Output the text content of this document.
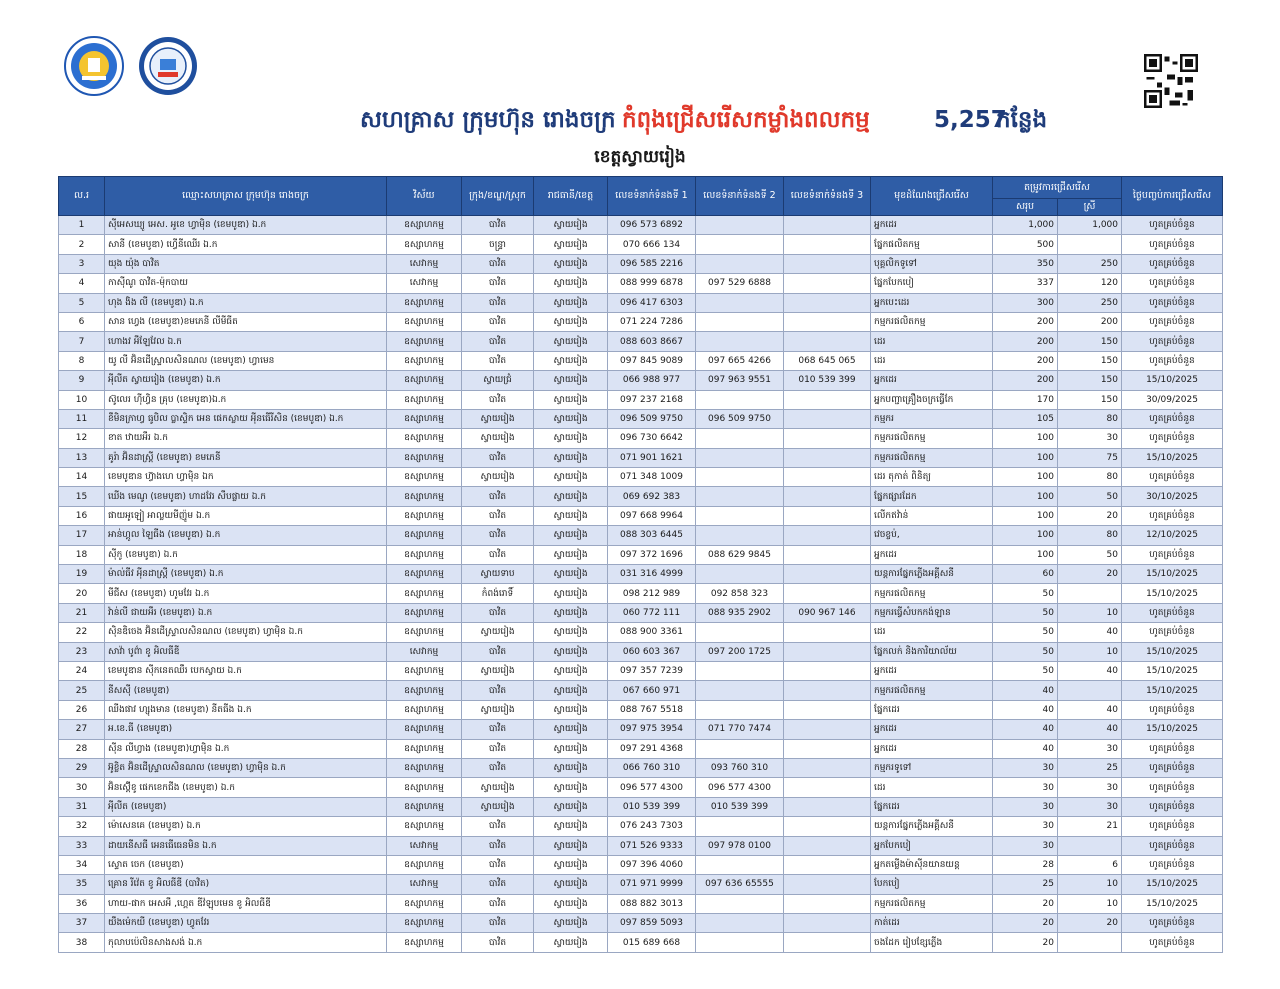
សហគ្រាស ក្រុមហ៊ុន រោងចក្រ កំពុងជ្រើសរើសកម្លាំងពលកម្ម	5,257
កន្លែង
ខេត្តស្វាយរៀង
ល.រ	ឈ្មោះសហគ្រាស ក្រុមហ៊ុន រោងចក្រ	វិស័យ	ក្រុង/ខណ្ឌ/ស្រុក	រាជធានី/ខេត្ត	លេខទំនាក់ទំនងទី 1	លេខទំនាក់ទំនងទី 2	លេខទំនាក់ទំនងទី 3	មុខដំណែងជ្រើសរើស	តម្រូវការជ្រើសរើស		ថ្ងៃបញ្ចប់ការជ្រើសរើស
									សរុប	ស្រី	
1	ស៊ីអេសឃ្យូ អេស. អូខេ ហ្វាម៉ិន (ខេមបូឌា) ឯ.ក	ឧស្សាហកម្ម	បាវិត	ស្វាយរៀង	096 573 6892			អ្នកដេរ	1,000	1,000	ហូតគ្រប់ចំនួន
2	សានី (ខេមបូឌា) ហ្វើនីឈើរ ឯ.ក	ឧស្សាហកម្ម	ចន្ទ្រា	ស្វាយរៀង	070 666 134			ផ្នែកផលិតកម្ម	500		ហូតគ្រប់ចំនួន
3	យុង យ៉ុង បាវិត	សេវាកម្ម	បាវិត	ស្វាយរៀង	096 585 2216			បុគ្គលិកទូទៅ	350	250	ហូតគ្រប់ចំនួន
4	កាស៊ីណូ បាវិត-ម៉ុកបាយ	សេវាកម្ម	បាវិត	ស្វាយរៀង	088 999 6878	097 529 6888		ផ្នែកបែកបៀ	337	120	ហូតគ្រប់ចំនួន
5	ហុង ងិង លី (ខេមបូឌា) ឯ.ក	ឧស្សាហកម្ម	បាវិត	ស្វាយរៀង	096 417 6303			អ្នកបេះដេរ	300	250	ហូតគ្រប់ចំនួន
6	សាន ហ្វេង (ខេមបូឌា)ខមភេនី លីមីធីត	ឧស្សាហកម្ម	បាវិត	ស្វាយរៀង	071 224 7286			កម្មករផលិតកម្ម	200	200	ហូតគ្រប់ចំនួន
7	ហោងវ អឹឡែវែល ឯ.ក	ឧស្សាហកម្ម	បាវិត	ស្វាយរៀង	088 603 8667			ដេរ	200	150	ហូតគ្រប់ចំនួន
8	យូ លី អ៊ិនដើស្ទ្រាលសិនណល (ខេមបូឌា) ហ្វាមេន	ឧស្សាហកម្ម	បាវិត	ស្វាយរៀង	097 845 9089	097 665 4266	068 645 065	ដេរ	200	150	ហូតគ្រប់ចំនួន
9	អុីលីត ស្វាយរៀង (ខេមបូឌា) ឯ.ក	ឧស្សាហកម្ម	ស្វាយជ្រំ	ស្វាយរៀង	066 988 977	097 963 9551	010 539 399	អ្នកដេរ	200	150	15/10/2025
10	ស៊ូលេរ ហ៊ីហ្វិន គ្រុប (ខេមបូឌា)ឯ.ក	ឧស្សាហកម្ម	បាវិត	ស្វាយរៀង	097 237 2168			អ្នកបញ្ជាគ្រឿងចក្រធ្វើកែ	170	150	30/09/2025
11	ខឹមិនក្រាហ្វ ធូបិល ប្លាស្ទិក អេន ផេកស្លាយ អុីនធើរីសិន (ខេមបូឌា) ឯ.ក	ឧស្សាហកម្ម	ស្វាយរៀង	ស្វាយរៀង	096 509 9750	096 509 9750		កម្មករ	105	80	ហូតគ្រប់ចំនួន
12	ខាត ឋាយអឹរ ឯ.ក	ឧស្សាហកម្ម	ស្វាយរៀង	ស្វាយរៀង	096 730 6642			កម្មករផលិតកម្ម	100	30	ហូតគ្រប់ចំនួន
13	គូរ៉ា អ៊ិនដាស្ត្រី (ខេមបូឌា) ខមភេនី	ឧស្សាហកម្ម	បាវិត	ស្វាយរៀង	071 901 1621			កម្មករផលិតកម្ម	100	75	15/10/2025
14	ខេមបូឌាន ហ៊្វាងហេ ហ្វាម៉ិន ឯក	ឧស្សាហកម្ម	ស្វាយរៀង	ស្វាយរៀង	071 348 1009			ដេរ តុកាត់ ពិនិត្យ	100	80	ហូតគ្រប់ចំនួន
15	ឃើង មេណូ (ខេមបូឌា) ហាដវែរ សឹបផ្លាយ ឯ.ក	ឧស្សាហកម្ម	បាវិត	ស្វាយរៀង	069 692 383			ផ្នែកផ្សារដែក	100	50	30/10/2025
16	ផាយអូឡៀ អាល្លយមីញ៉ូម ឯ.ក	ឧស្សាហកម្ម	បាវិត	ស្វាយរៀង	097 668 9964			លើកឥវ៉ាន់	100	20	ហូតគ្រប់ចំនួន
17	អាន់ហ្គូល ឡៃធីង (ខេមបូឌា) ឯ.ក	ឧស្សាហកម្ម	បាវិត	ស្វាយរៀង	088 303 6445			វេចខ្ចប់,	100	80	12/10/2025
18	ស៊ីកូ (ខេមបូឌា) ឯ.ក	ឧស្សាហកម្ម	បាវិត	ស្វាយរៀង	097 372 1696	088 629 9845		អ្នកដេរ	100	50	ហូតគ្រប់ចំនួន
19	ម៉ាល់ធីវ អុីនដាស្ត្រី (ខេមបូឌា) ឯ.ក	ឧស្សាហកម្ម	ស្វាយទាប	ស្វាយរៀង	031 316 4999			យន្តការផ្នែកភ្លើងអគ្គីសនី	60	20	15/10/2025
20	មីជីស (ខេមបូឌា) ហូមវែរ ឯ.ក	ឧស្សាហកម្ម	កំពង់រោទិ៍	ស្វាយរៀង	098 212 989	092 858 323		កម្មករផលិតកម្ម	50		15/10/2025
21	វ៉ាន់លី ជាយអឹរ (ខេមបូឌា) ឯ.ក	ឧស្សាហកម្ម	បាវិត	ស្វាយរៀង	060 772 111	088 935 2902	090 967 146	កម្មករធ្វើសំបកកង់ឡាន	50	10	ហូតគ្រប់ចំនួន
22	ស៊ិនឌិចេង អ៊ិនដើស្ទ្រាលសិនណល (ខេមបូឌា) ហ្វាម៉ិន ឯ.ក	ឧស្សាហកម្ម	ស្វាយរៀង	ស្វាយរៀង	088 900 3361			ដេរ	50	40	ហូតគ្រប់ចំនួន
23	សាវ៉ា បូព៌ា ខូ អិលធីឌី	សេវាកម្ម	បាវិត	ស្វាយរៀង	060 603 367	097 200 1725		ផ្នែកលក់ និងការិយាល័យ	50	10	15/10/2025
24	ខេមបូឌាន ស៊ីកនេតឈឺរ បេកស្វាយ ឯ.ក	ឧស្សាហកម្ម	ស្វាយរៀង	ស្វាយរៀង	097 357 7239			អ្នកដេរ	50	40	15/10/2025
25	នីសស៊ី (ខេមបូឌា)	ឧស្សាហកម្ម	បាវិត	ស្វាយរៀង	067 660 971			កម្មករផលិតកម្ម	40		15/10/2025
26	ឈីងផាវ ហ្សុងមាន (ខេមបូឌា) នីតធីង ឯ.ក	ឧស្សាហកម្ម	ស្វាយរៀង	ស្វាយរៀង	088 767 5518			ផ្នែកដេរ	40	40	ហូតគ្រប់ចំនួន
27	អ.ខេ.ធី (ខេមបូឌា)	ឧស្សាហកម្ម	បាវិត	ស្វាយរៀង	097 975 3954	071 770 7474		អ្នកដេរ	40	40	15/10/2025
28	ស៊ីន លីហ្វាង (ខេមបូឌា)ហ្វាម៉ិន ឯ.ក	ឧស្សាហកម្ម	បាវិត	ស្វាយរៀង	097 291 4368			អ្នកដេរ	40	30	ហូតគ្រប់ចំនួន
29	អ៊ូខ្លិត អ៊ិនដើស្ទ្រាលសិនណល (ខេមបូឌា) ហ្វាម៉ិន ឯ.ក	ឧស្សាហកម្ម	បាវិត	ស្វាយរៀង	066 760 310	093 760 310		កម្មករទូទៅ	30	25	ហូតគ្រប់ចំនួន
30	អ៊ិនស៊្ដើខូ ផេកខេកជីង (ខេមបូឌា) ឯ.ក	ឧស្សាហកម្ម	ស្វាយរៀង	ស្វាយរៀង	096 577 4300	096 577 4300		ដេរ	30	30	ហូតគ្រប់ចំនួន
31	អុីលីត (ខេមបូឌា)	ឧស្សាហកម្ម	ស្វាយរៀង	ស្វាយរៀង	010 539 399	010 539 399		ផ្នែកដេរ	30	30	ហូតគ្រប់ចំនួន
32	ម៉ោសេនគេ (ខេមបូឌា) ឯ.ក	ឧស្សាហកម្ម	បាវិត	ស្វាយរៀង	076 243 7303			យន្តការផ្នែកភ្លើងអគ្គីសនី	30	21	ហូតគ្រប់ចំនួន
33	ដាយនើសធី អេនធើធេនមិន ឯ.ក	សេវាកម្ម	បាវិត	ស្វាយរៀង	071 526 9333	097 978 0100		អ្នកបែកបៀ	30		ហូតគ្រប់ចំនួន
34	ស្ទោត ចេក (ខេមបូឌា)	ឧស្សាហកម្ម	បាវិត	ស្វាយរៀង	097 396 4060			អ្នកតម្លើងម៉ាស៊ីនយានយន្ត	28	6	ហូតគ្រប់ចំនួន
35	គ្រោន រីវ៉េត ខូ អិលធីឌី (បាវិត)	សេវាកម្ម	បាវិត	ស្វាយរៀង	071 971 9999	097 636 65555		បែកបៀ	25	10	15/10/2025
36	ហាយ-ផាក អេសអឹ ,ហ្គេត ឌីវ៉ឡុបមេន ខូ អិលធីឌី	ឧស្សាហកម្ម	បាវិត	ស្វាយរៀង	088 882 3013			កម្មករផលិតកម្ម	20	10	15/10/2025
37	យឹងម៉េកយី (ខេមបូឌា) ហ្វូតវែរ	ឧស្សាហកម្ម	បាវិត	ស្វាយរៀង	097 859 5093			កាត់ដេរ	20	20	ហូតគ្រប់ចំនួន
38	កុលាបប៉េលិនសាងសង់ ឯ.ក	ឧស្សាហកម្ម	បាវិត	ស្វាយរៀង	015 689 668			ចងដែក រៀបខ្សែភ្លើង	20		ហូតគ្រប់ចំនួន
